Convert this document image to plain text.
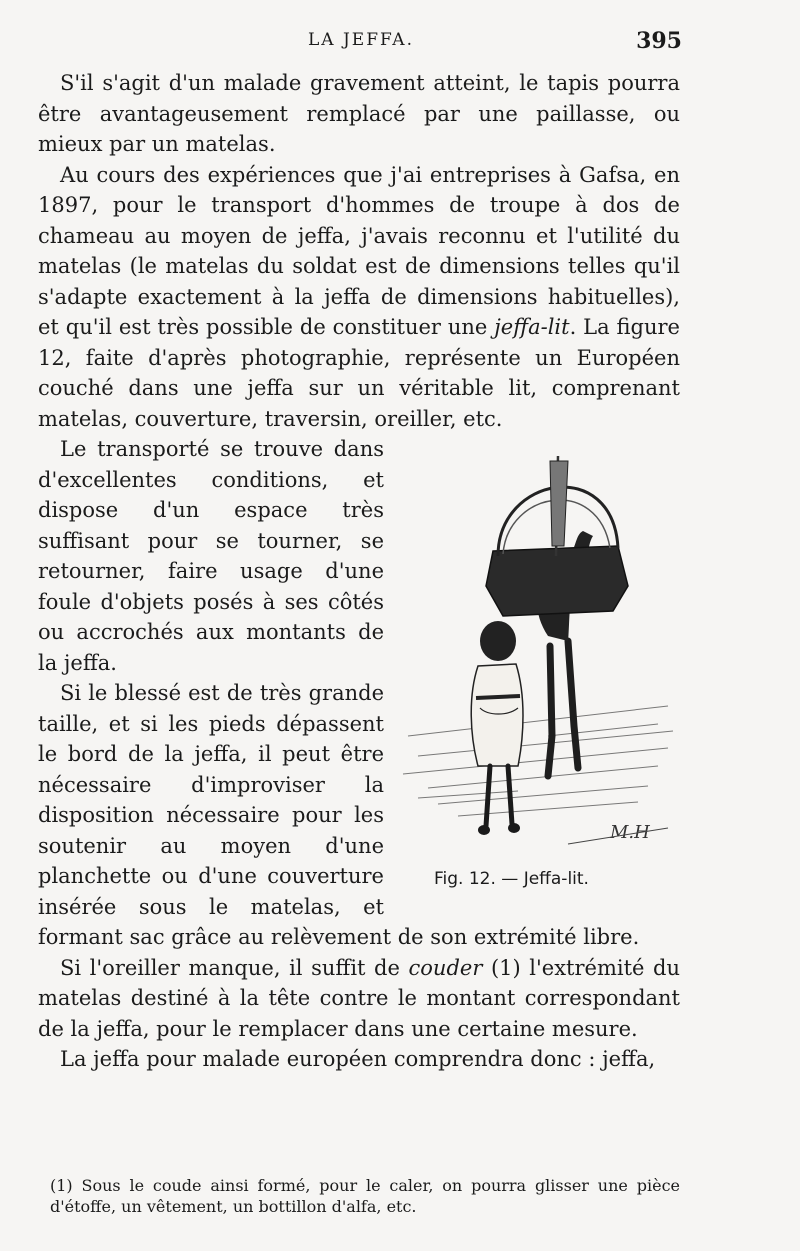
LA JEFFA.	395

S'il s'agit d'un malade gravement atteint, le tapis pourra être avantageusement remplacé par une paillasse, ou mieux par un matelas.

Au cours des expériences que j'ai entreprises à Gafsa, en 1897, pour le transport d'hommes de troupe à dos de chameau au moyen de jeffa, j'avais reconnu et l'utilité du matelas (le matelas du soldat est de dimensions telles qu'il s'adapte exactement à la jeffa de dimensions habituelles), et qu'il est très possible de constituer une jeffa-lit. La figure 12, faite d'après photographie, représente un Européen couché dans une jeffa sur un véritable lit, comprenant matelas, couverture, traversin, oreiller, etc.

M.H
Fig. 12. — Jeffa-lit.

Le transporté se trouve dans d'excellentes conditions, et dispose d'un espace très suffisant pour se tourner, se retourner, faire usage d'une foule d'objets posés à ses côtés ou accrochés aux montants de la jeffa.

Si le blessé est de très grande taille, et si les pieds dépassent le bord de la jeffa, il peut être nécessaire d'improviser la disposition nécessaire pour les soutenir au moyen d'une planchette ou d'une couverture insérée sous le matelas, et formant sac grâce au relèvement de son extrémité libre.

Si l'oreiller manque, il suffit de couder (1) l'extrémité du matelas destiné à la tête contre le montant correspondant de la jeffa, pour le remplacer dans une certaine mesure.

La jeffa pour malade européen comprendra donc : jeffa,

(1) Sous le coude ainsi formé, pour le caler, on pourra glisser une pièce d'étoffe, un vêtement, un bottillon d'alfa, etc.
